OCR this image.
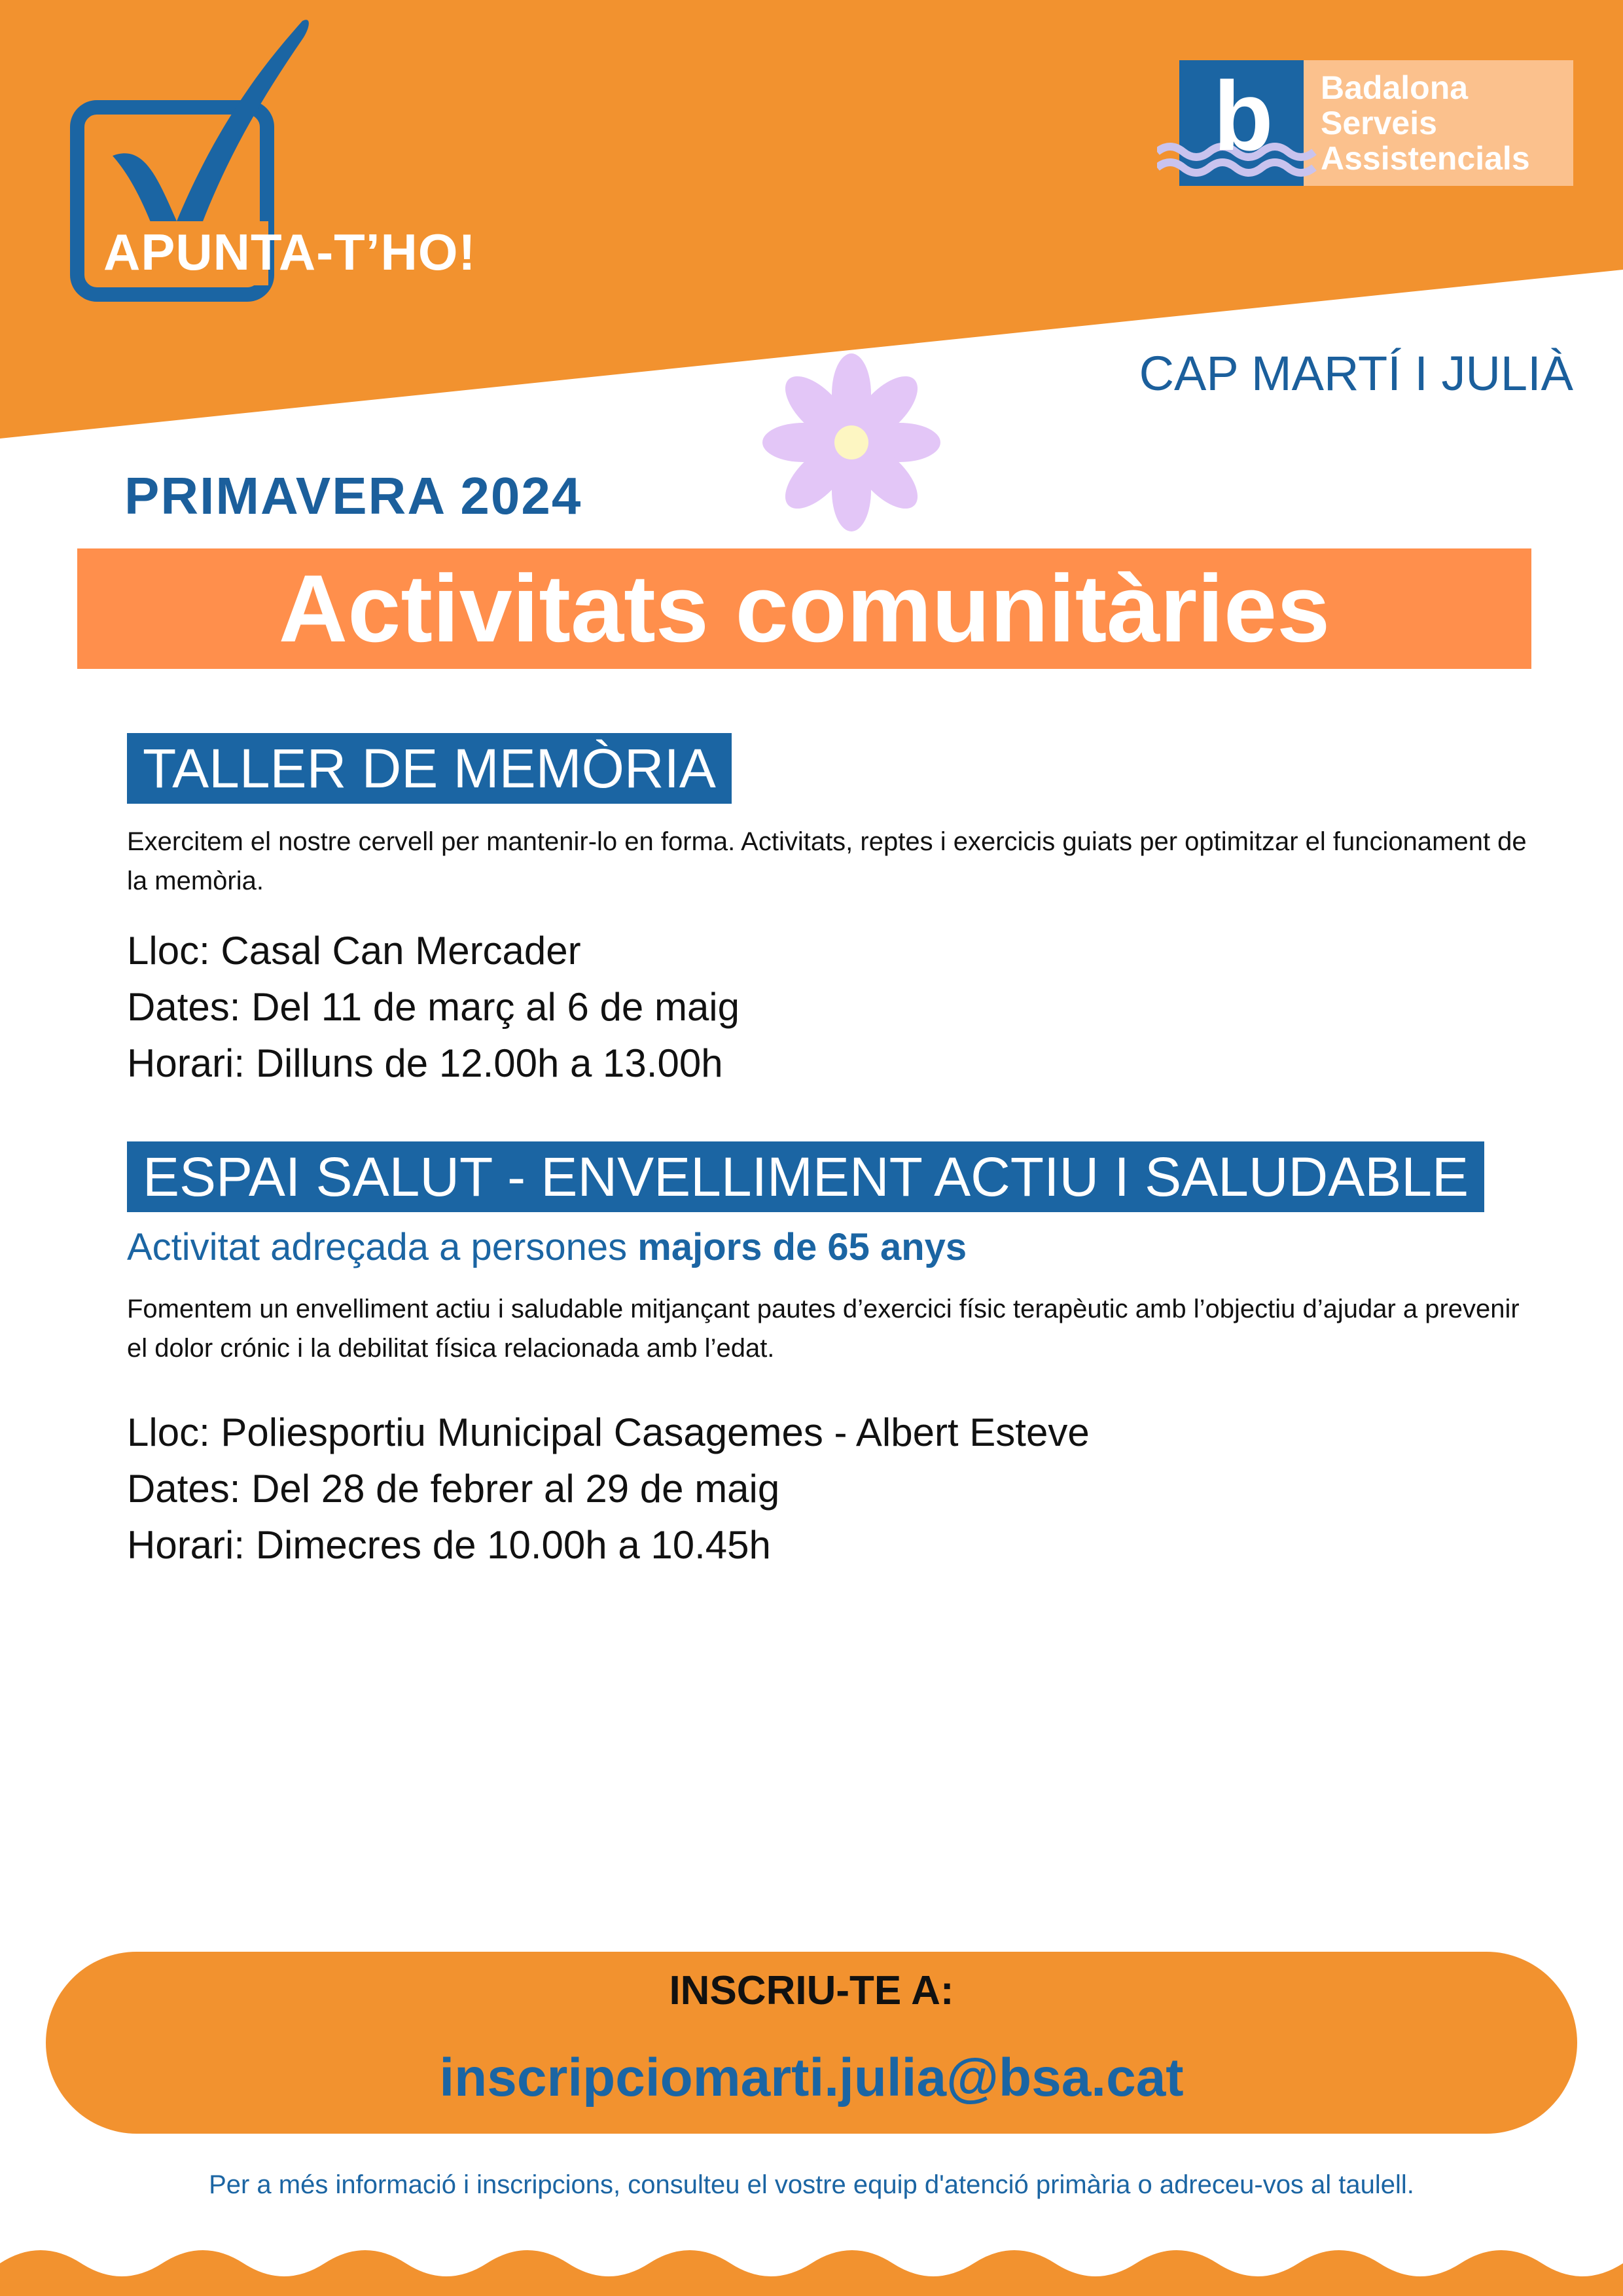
APUNTA-T’HO!
b Badalona
Serveis
Assistencials
CAP MARTÍ I JULIÀ
PRIMAVERA 2024
Activitats comunitàries
TALLER DE MEMÒRIA
Exercitem el nostre cervell per mantenir-lo en forma. Activitats, reptes i exercicis guiats per optimitzar el funcionament de la memòria.
Lloc: Casal Can Mercader
Dates: Del 11 de març al 6 de maig
Horari: Dilluns de 12.00h a 13.00h
ESPAI SALUT - ENVELLIMENT ACTIU I SALUDABLE
Activitat adreçada a persones majors de 65 anys
Fomentem un envelliment actiu i saludable mitjançant pautes d’exercici físic terapèutic amb l’objectiu d’ajudar a prevenir el dolor crónic i la debilitat física relacionada amb l’edat.
Lloc: Poliesportiu Municipal Casagemes - Albert Esteve
Dates: Del 28 de febrer al 29 de maig
Horari: Dimecres de 10.00h a 10.45h
INSCRIU-TE A:
inscripciomarti.julia@bsa.cat
Per a més informació i inscripcions, consulteu el vostre equip d'atenció primària o adreceu-vos al taulell.
